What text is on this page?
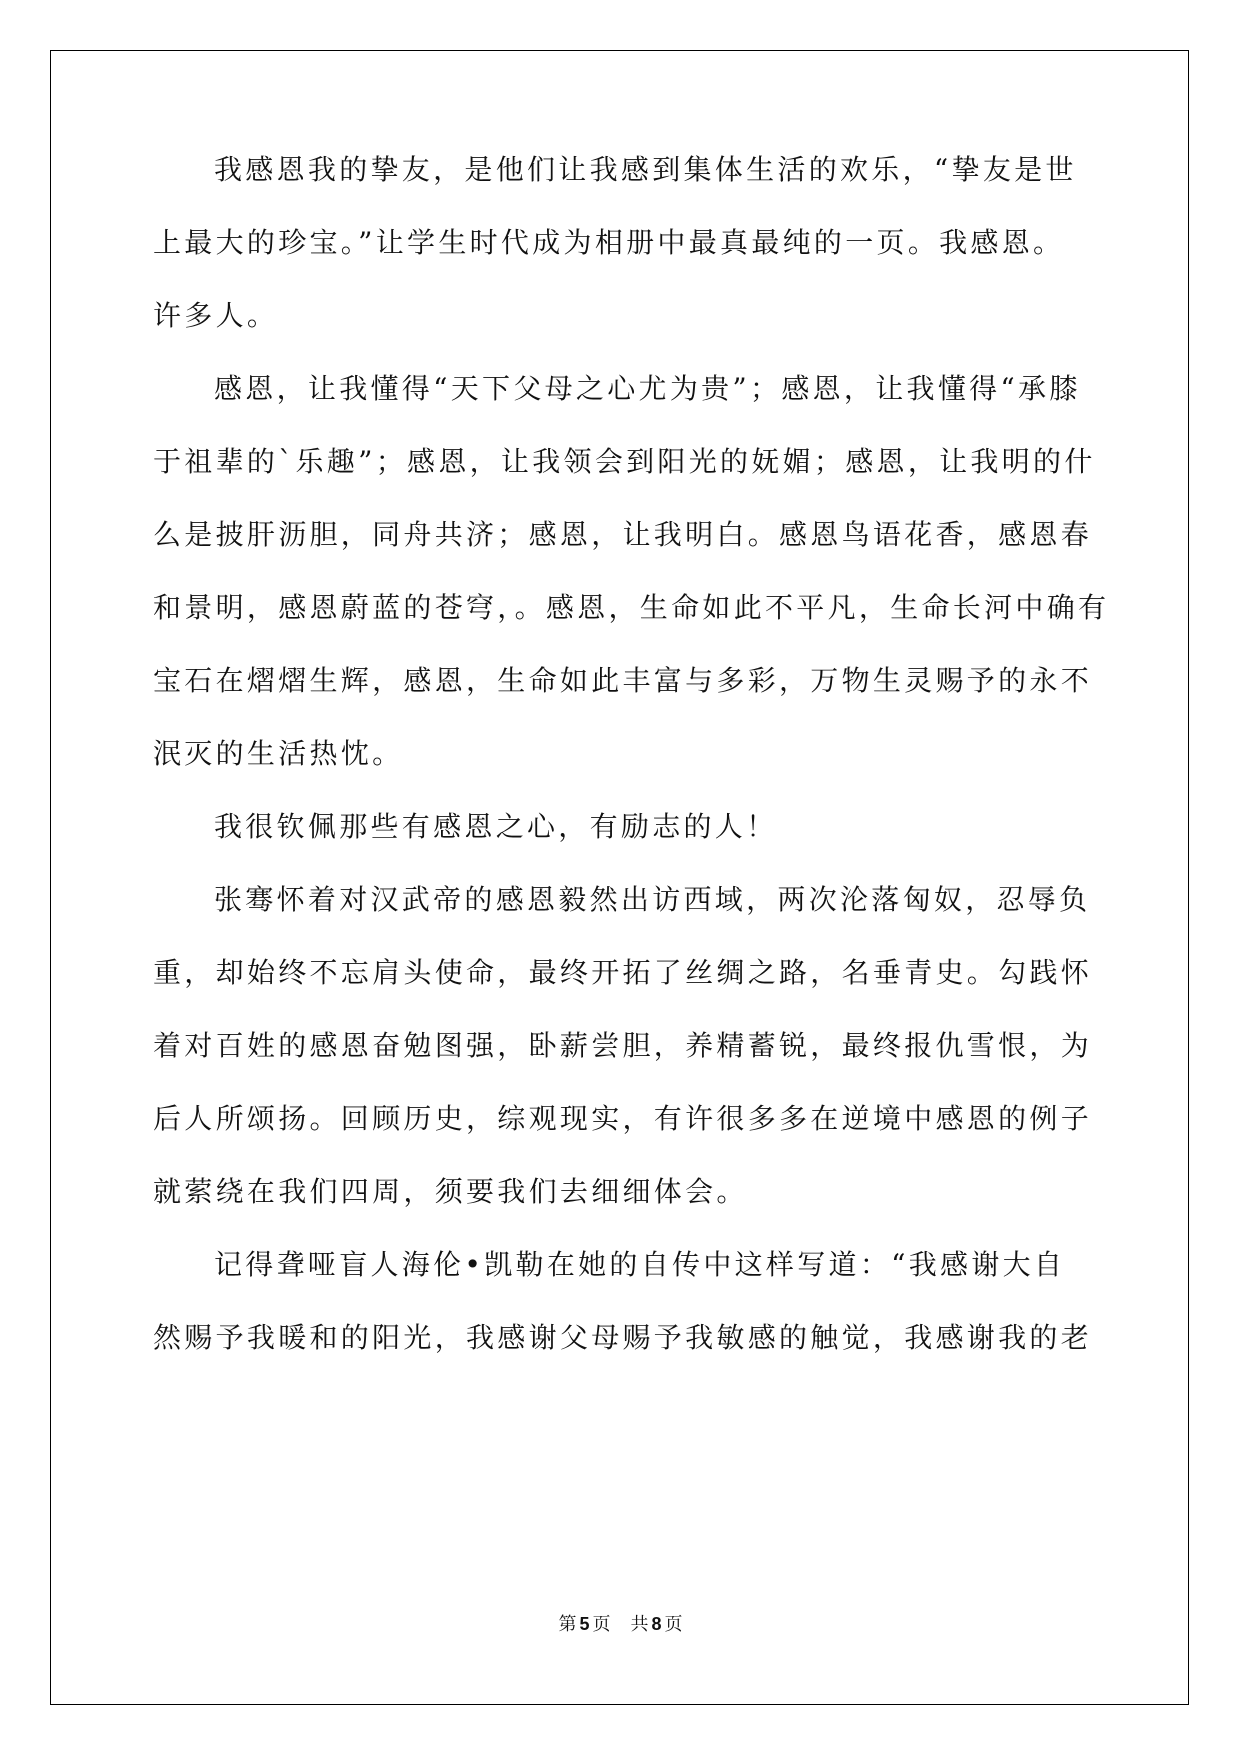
我感恩我的挚友，是他们让我感到集体生活的欢乐，“挚友是世
上最大的珍宝。”让学生时代成为相册中最真最纯的一页。我感恩。
许多人。
感恩，让我懂得“天下父母之心尤为贵”；感恩，让我懂得“承膝
于祖辈的`乐趣”；感恩，让我领会到阳光的妩媚；感恩，让我明的什
么是披肝沥胆，同舟共济；感恩，让我明白。感恩鸟语花香，感恩春
和景明，感恩蔚蓝的苍穹，。感恩，生命如此不平凡，生命长河中确有
宝石在熠熠生辉，感恩，生命如此丰富与多彩，万物生灵赐予的永不
泯灭的生活热忱。
我很钦佩那些有感恩之心，有励志的人！
张骞怀着对汉武帝的感恩毅然出访西域，两次沦落匈奴，忍辱负
重，却始终不忘肩头使命，最终开拓了丝绸之路，名垂青史。勾践怀
着对百姓的感恩奋勉图强，卧薪尝胆，养精蓄锐，最终报仇雪恨，为
后人所颂扬。回顾历史，综观现实，有许很多多在逆境中感恩的例子
就萦绕在我们四周，须要我们去细细体会。
记得聋哑盲人海伦•凯勒在她的自传中这样写道：“我感谢大自
然赐予我暖和的阳光，我感谢父母赐予我敏感的触觉，我感谢我的老
第 5 页 共 8 页
